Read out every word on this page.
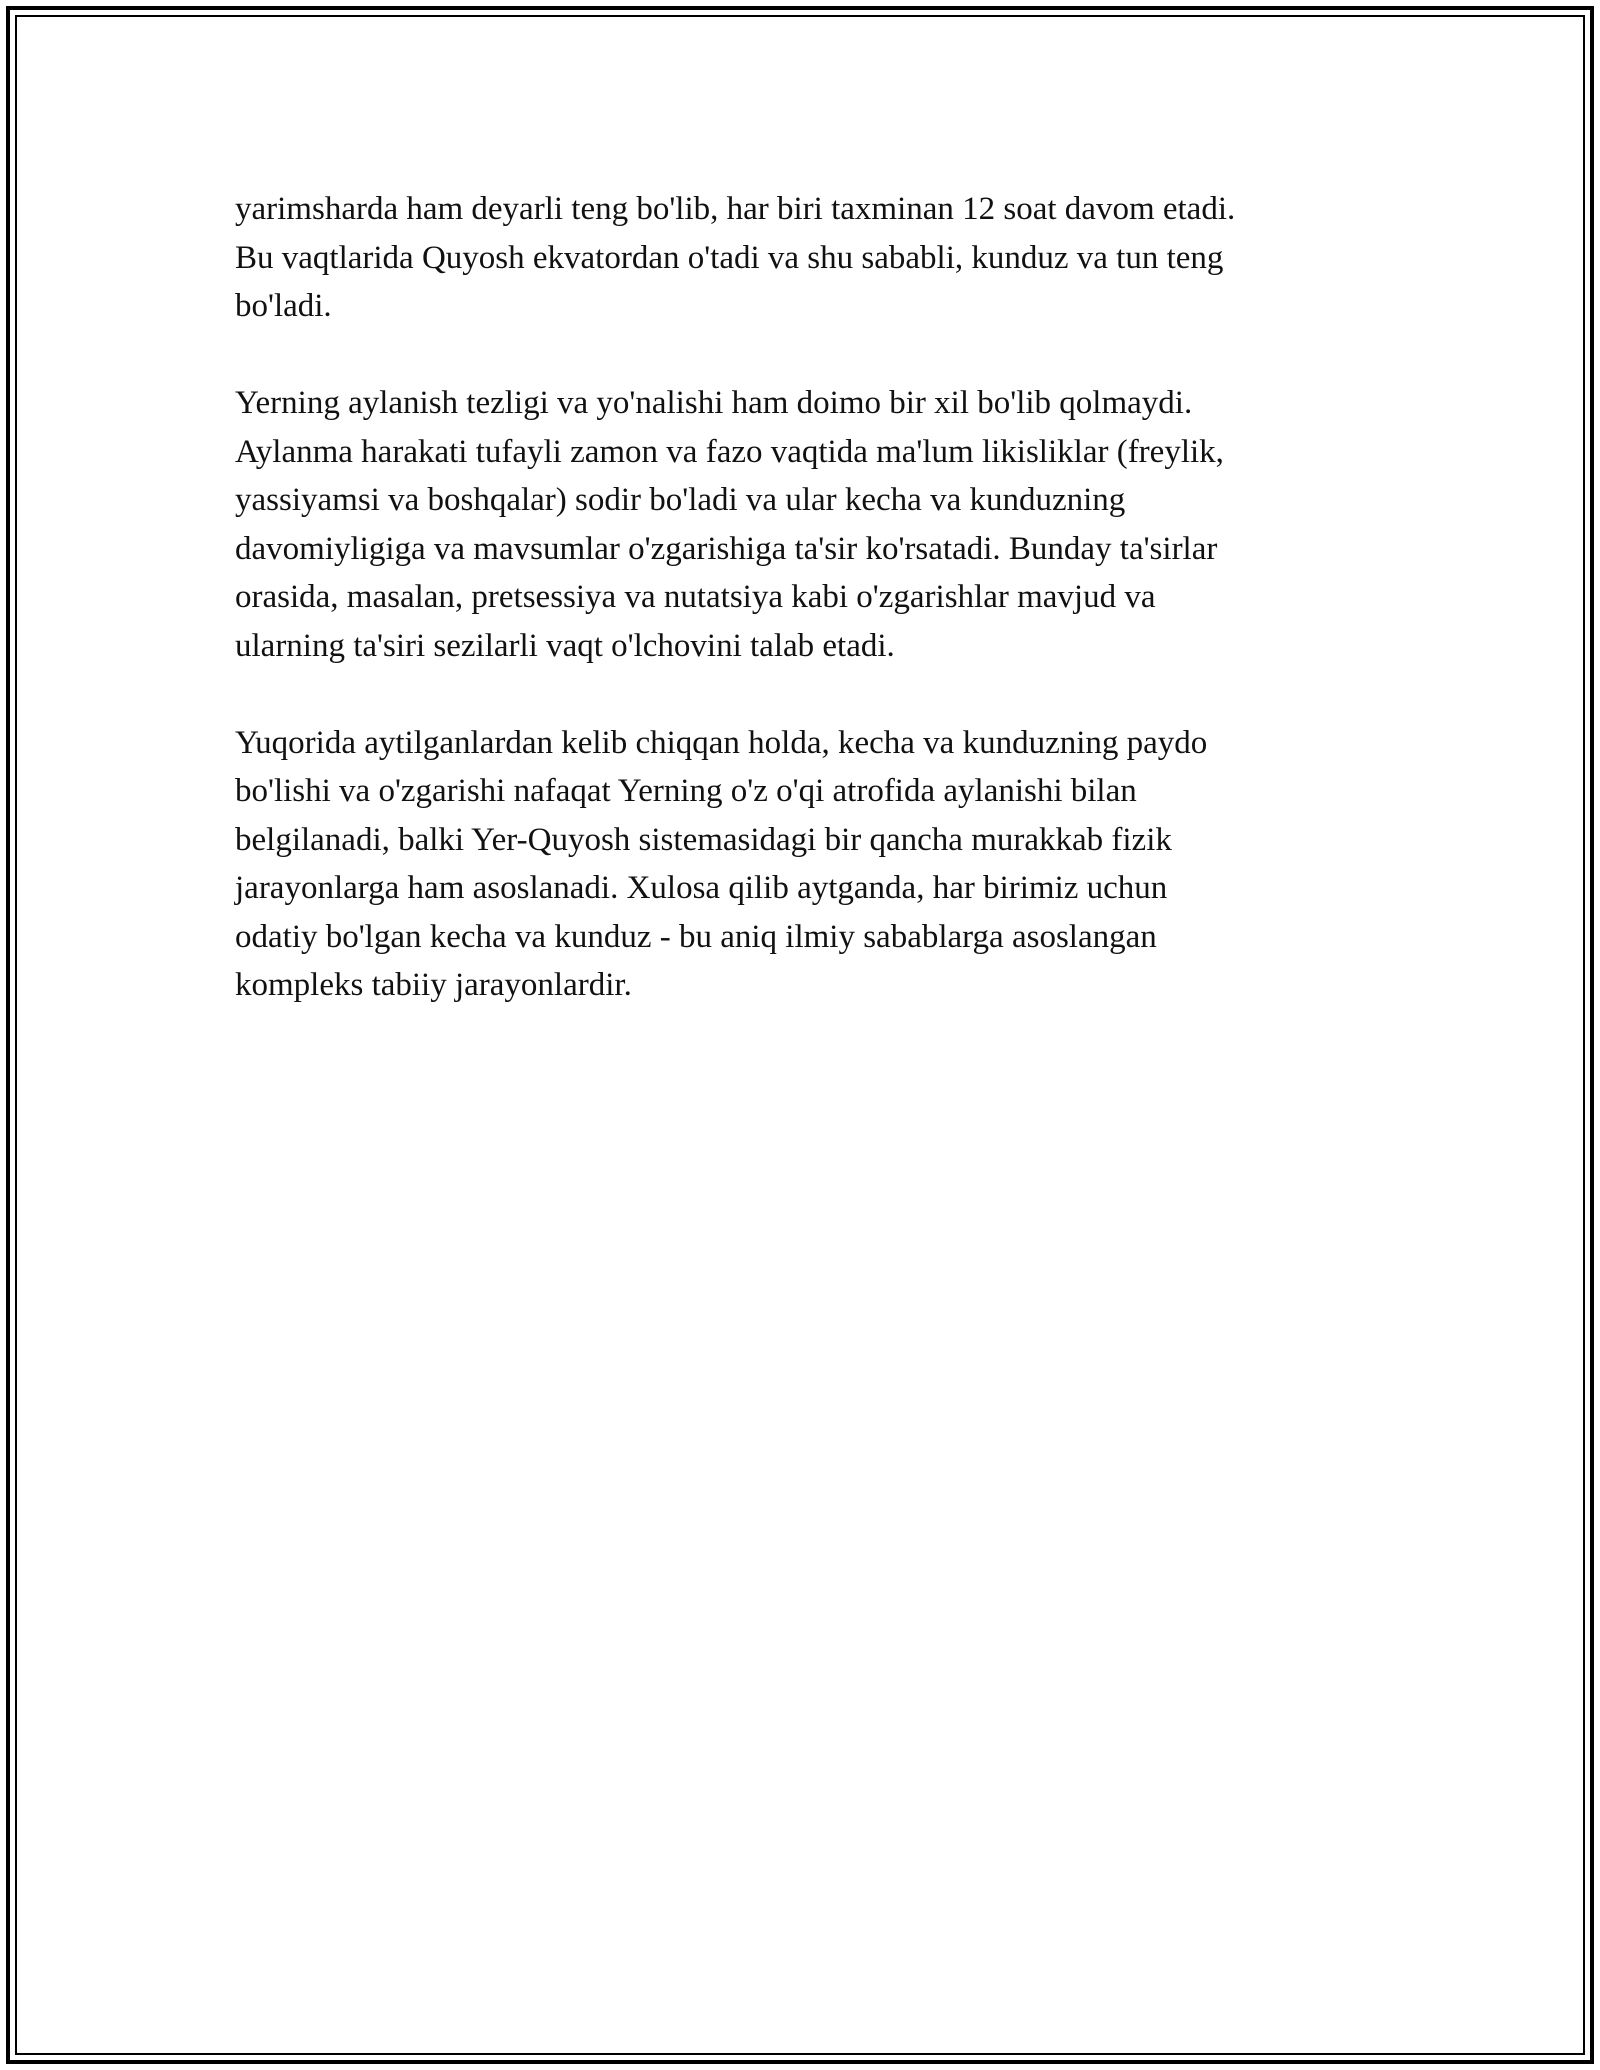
yarimsharda ham deyarli teng bo'lib, har biri taxminan 12 soat davom etadi.
Bu vaqtlarida Quyosh ekvatordan o'tadi va shu sababli, kunduz va tun teng
bo'ladi.

Yerning aylanish tezligi va yo'nalishi ham doimo bir xil bo'lib qolmaydi.
Aylanma harakati tufayli zamon va fazo vaqtida ma'lum likisliklar (freylik,
yassiyamsi va boshqalar) sodir bo'ladi va ular kecha va kunduzning
davomiyligiga va mavsumlar o'zgarishiga ta'sir ko'rsatadi. Bunday ta'sirlar
orasida, masalan, pretsessiya va nutatsiya kabi o'zgarishlar mavjud va
ularning ta'siri sezilarli vaqt o'lchovini talab etadi.

Yuqorida aytilganlardan kelib chiqqan holda, kecha va kunduzning paydo
bo'lishi va o'zgarishi nafaqat Yerning o'z o'qi atrofida aylanishi bilan
belgilanadi, balki Yer-Quyosh sistemasidagi bir qancha murakkab fizik
jarayonlarga ham asoslanadi. Xulosa qilib aytganda, har birimiz uchun
odatiy bo'lgan kecha va kunduz - bu aniq ilmiy sabablarga asoslangan
kompleks tabiiy jarayonlardir.
